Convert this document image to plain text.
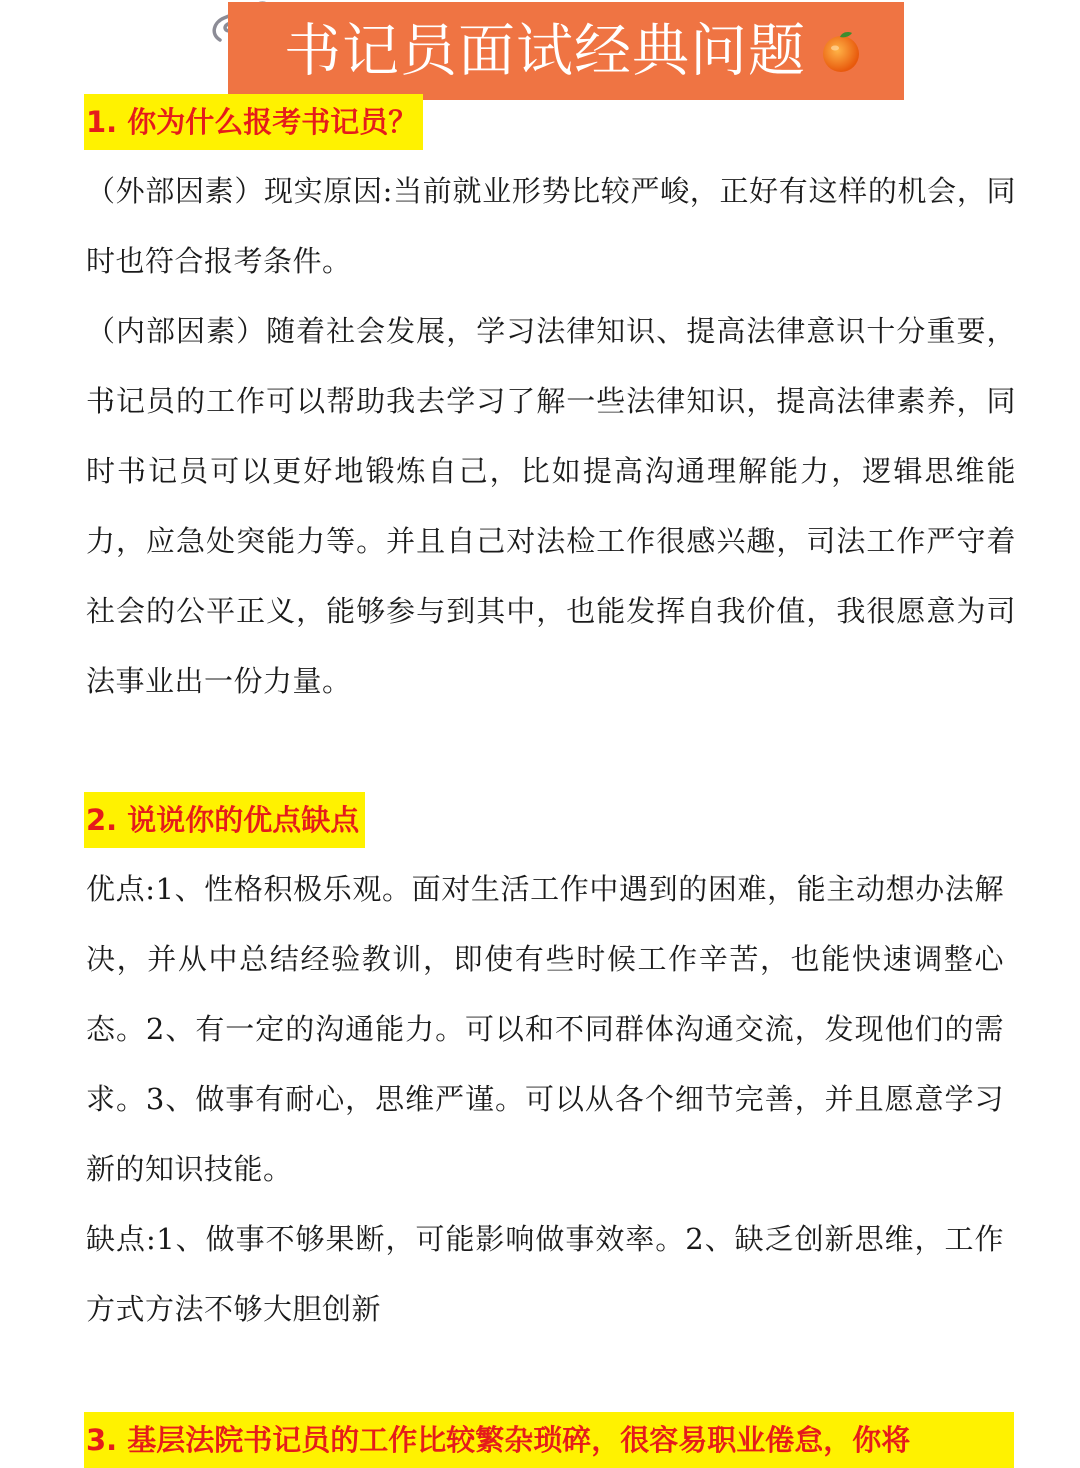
书记员面试经典问题
1. 你为什么报考书记员？

（外部因素）现实原因:当前就业形势比较严峻，正好有这样的机会，同时也符合报考条件。

（内部因素）随着社会发展，学习法律知识、提高法律意识十分重要，书记员的工作可以帮助我去学习了解一些法律知识，提高法律素养，同时书记员可以更好地锻炼自己，比如提高沟通理解能力，逻辑思维能力，应急处突能力等。并且自己对法检工作很感兴趣，司法工作严守着社会的公平正义，能够参与到其中，也能发挥自我价值，我很愿意为司法事业出一份力量。

2. 说说你的优点缺点

优点:1、性格积极乐观。面对生活工作中遇到的困难，能主动想办法解决，并从中总结经验教训，即使有些时候工作辛苦，也能快速调整心态。2、有一定的沟通能力。可以和不同群体沟通交流，发现他们的需求。3、做事有耐心，思维严谨。可以从各个细节完善，并且愿意学习新的知识技能。

缺点:1、做事不够果断，可能影响做事效率。2、缺乏创新思维，工作方式方法不够大胆创新

3. 基层法院书记员的工作比较繁杂琐碎，很容易职业倦怠，你将
